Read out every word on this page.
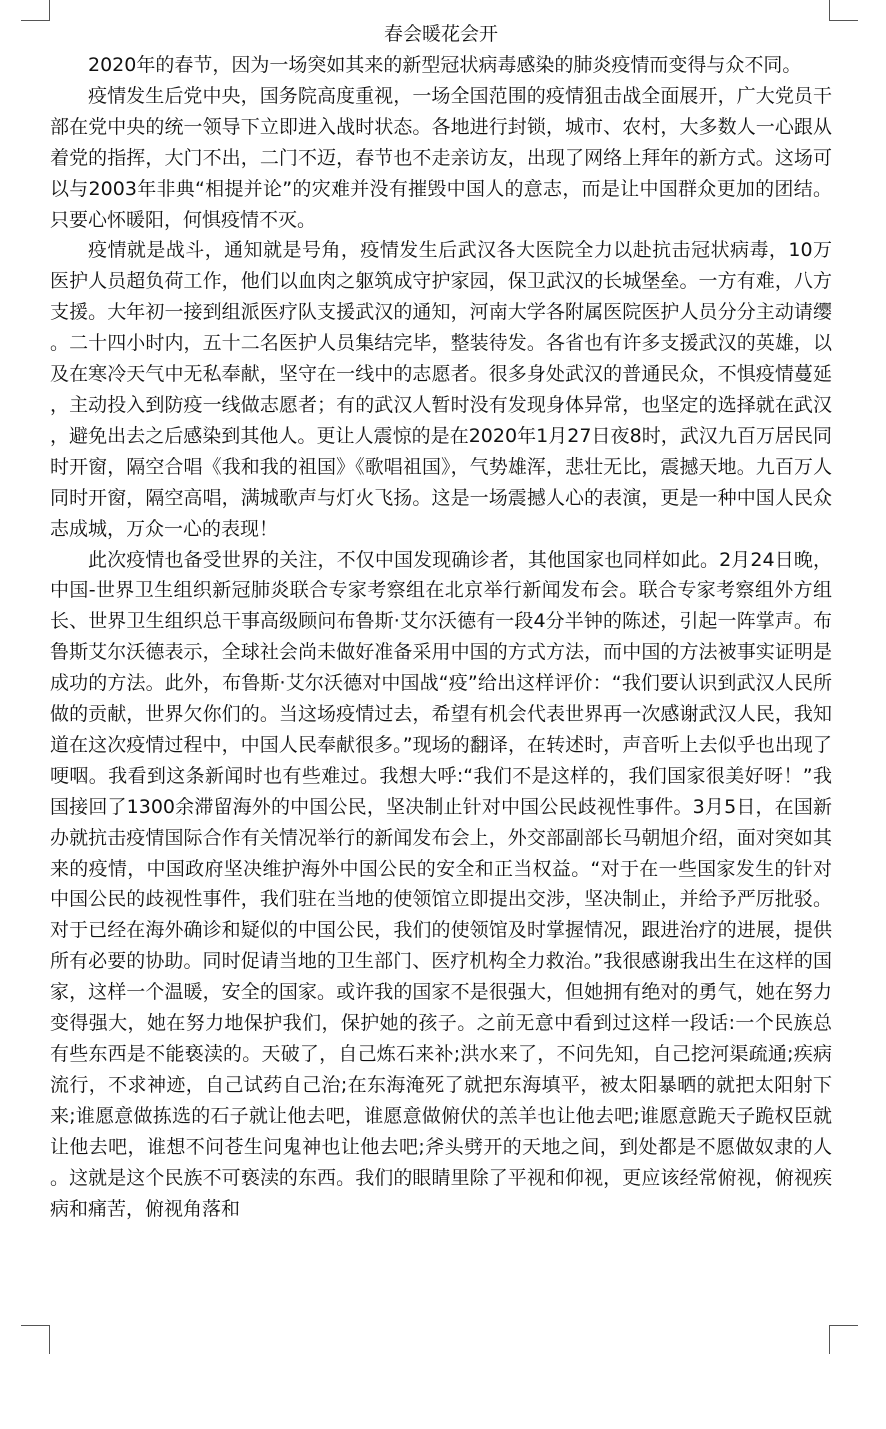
春会暖花会开

2020年的春节，因为一场突如其来的新型冠状病毒感染的肺炎疫情而变得与众不同。

疫情发生后党中央，国务院高度重视，一场全国范围的疫情狙击战全面展开，广大党员干部在党中央的统一领导下立即进入战时状态。各地进行封锁，城市、农村，大多数人一心跟从着党的指挥，大门不出，二门不迈，春节也不走亲访友，出现了网络上拜年的新方式。这场可以与2003年非典“相提并论”的灾难并没有摧毁中国人的意志，而是让中国群众更加的团结。只要心怀暖阳，何惧疫情不灭。

疫情就是战斗，通知就是号角，疫情发生后武汉各大医院全力以赴抗击冠状病毒，10万医护人员超负荷工作，他们以血肉之躯筑成守护家园，保卫武汉的长城堡垒。一方有难，八方支援。大年初一接到组派医疗队支援武汉的通知，河南大学各附属医院医护人员分分主动请缨。二十四小时内，五十二名医护人员集结完毕，整装待发。各省也有许多支援武汉的英雄，以及在寒冷天气中无私奉献，坚守在一线中的志愿者。很多身处武汉的普通民众，不惧疫情蔓延，主动投入到防疫一线做志愿者；有的武汉人暂时没有发现身体异常，也坚定的选择就在武汉，避免出去之后感染到其他人。更让人震惊的是在2020年1月27日夜8时，武汉九百万居民同时开窗，隔空合唱《我和我的祖国》《歌唱祖国》，气势雄浑，悲壮无比，震撼天地。九百万人同时开窗，隔空高唱，满城歌声与灯火飞扬。这是一场震撼人心的表演，更是一种中国人民众志成城，万众一心的表现！

此次疫情也备受世界的关注，不仅中国发现确诊者，其他国家也同样如此。2月24日晚，中国-世界卫生组织新冠肺炎联合专家考察组在北京举行新闻发布会。联合专家考察组外方组长、世界卫生组织总干事高级顾问布鲁斯·艾尔沃德有一段4分半钟的陈述，引起一阵掌声。布鲁斯艾尔沃德表示，全球社会尚未做好准备采用中国的方式方法，而中国的方法被事实证明是成功的方法。此外，布鲁斯·艾尔沃德对中国战“疫”给出这样评价：“我们要认识到武汉人民所做的贡献，世界欠你们的。当这场疫情过去，希望有机会代表世界再一次感谢武汉人民，我知道在这次疫情过程中，中国人民奉献很多。”现场的翻译，在转述时，声音听上去似乎也出现了哽咽。我看到这条新闻时也有些难过。我想大呼:“我们不是这样的，我们国家很美好呀！”我国接回了1300余滞留海外的中国公民，坚决制止针对中国公民歧视性事件。3月5日，在国新办就抗击疫情国际合作有关情况举行的新闻发布会上，外交部副部长马朝旭介绍，面对突如其来的疫情，中国政府坚决维护海外中国公民的安全和正当权益。“对于在一些国家发生的针对中国公民的歧视性事件，我们驻在当地的使领馆立即提出交涉，坚决制止，并给予严厉批驳。对于已经在海外确诊和疑似的中国公民，我们的使领馆及时掌握情况，跟进治疗的进展，提供所有必要的协助。同时促请当地的卫生部门、医疗机构全力救治。”我很感谢我出生在这样的国家，这样一个温暖，安全的国家。或许我的国家不是很强大，但她拥有绝对的勇气，她在努力变得强大，她在努力地保护我们，保护她的孩子。之前无意中看到过这样一段话:一个民族总有些东西是不能亵渎的。天破了，自己炼石来补;洪水来了，不问先知，自己挖河渠疏通;疾病流行，不求神迹，自己试药自己治;在东海淹死了就把东海填平，被太阳暴晒的就把太阳射下来;谁愿意做拣选的石子就让他去吧，谁愿意做俯伏的羔羊也让他去吧;谁愿意跪天子跪权臣就让他去吧，谁想不问苍生问鬼神也让他去吧;斧头劈开的天地之间，到处都是不愿做奴隶的人。这就是这个民族不可亵渎的东西。我们的眼睛里除了平视和仰视，更应该经常俯视，俯视疾病和痛苦，俯视角落和
